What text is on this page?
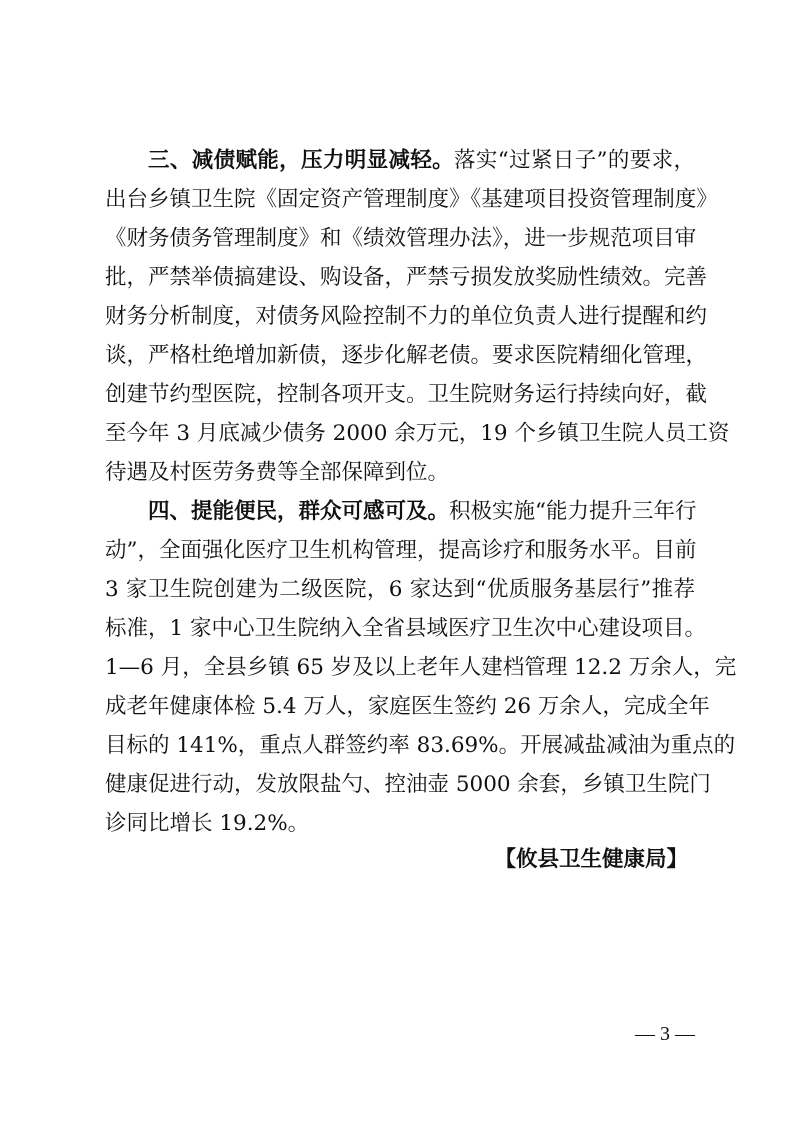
三、减债赋能，压力明显减轻。落实“过紧日子”的要求，
出台乡镇卫生院《固定资产管理制度》《基建项目投资管理制度》
《财务债务管理制度》和《绩效管理办法》，进一步规范项目审
批，严禁举债搞建设、购设备，严禁亏损发放奖励性绩效。完善
财务分析制度，对债务风险控制不力的单位负责人进行提醒和约
谈，严格杜绝增加新债，逐步化解老债。要求医院精细化管理，
创建节约型医院，控制各项开支。卫生院财务运行持续向好，截
至今年 3 月底减少债务 2000 余万元，19 个乡镇卫生院人员工资
待遇及村医劳务费等全部保障到位。
四、提能便民，群众可感可及。积极实施“能力提升三年行
动”，全面强化医疗卫生机构管理，提高诊疗和服务水平。目前
3 家卫生院创建为二级医院，6 家达到“优质服务基层行”推荐
标准，1 家中心卫生院纳入全省县域医疗卫生次中心建设项目。
1—6 月，全县乡镇 65 岁及以上老年人建档管理 12.2 万余人，完
成老年健康体检 5.4 万人，家庭医生签约 26 万余人，完成全年
目标的 141%，重点人群签约率 83.69%。开展减盐减油为重点的
健康促进行动，发放限盐勺、控油壶 5000 余套，乡镇卫生院门
诊同比增长 19.2%。
【攸县卫生健康局】
— 3 —
